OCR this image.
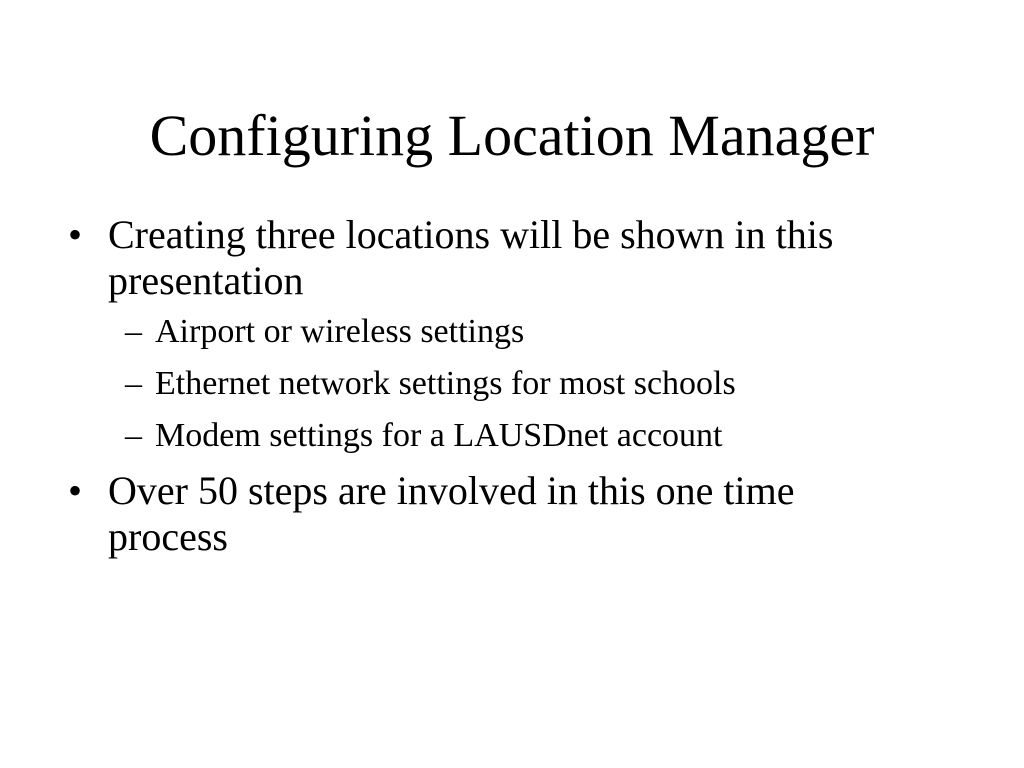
Configuring Location Manager
• Creating three locations will be shown in this presentation
– Airport or wireless settings
– Ethernet network settings for most schools
– Modem settings for a LAUSDnet account
• Over 50 steps are involved in this one time process
